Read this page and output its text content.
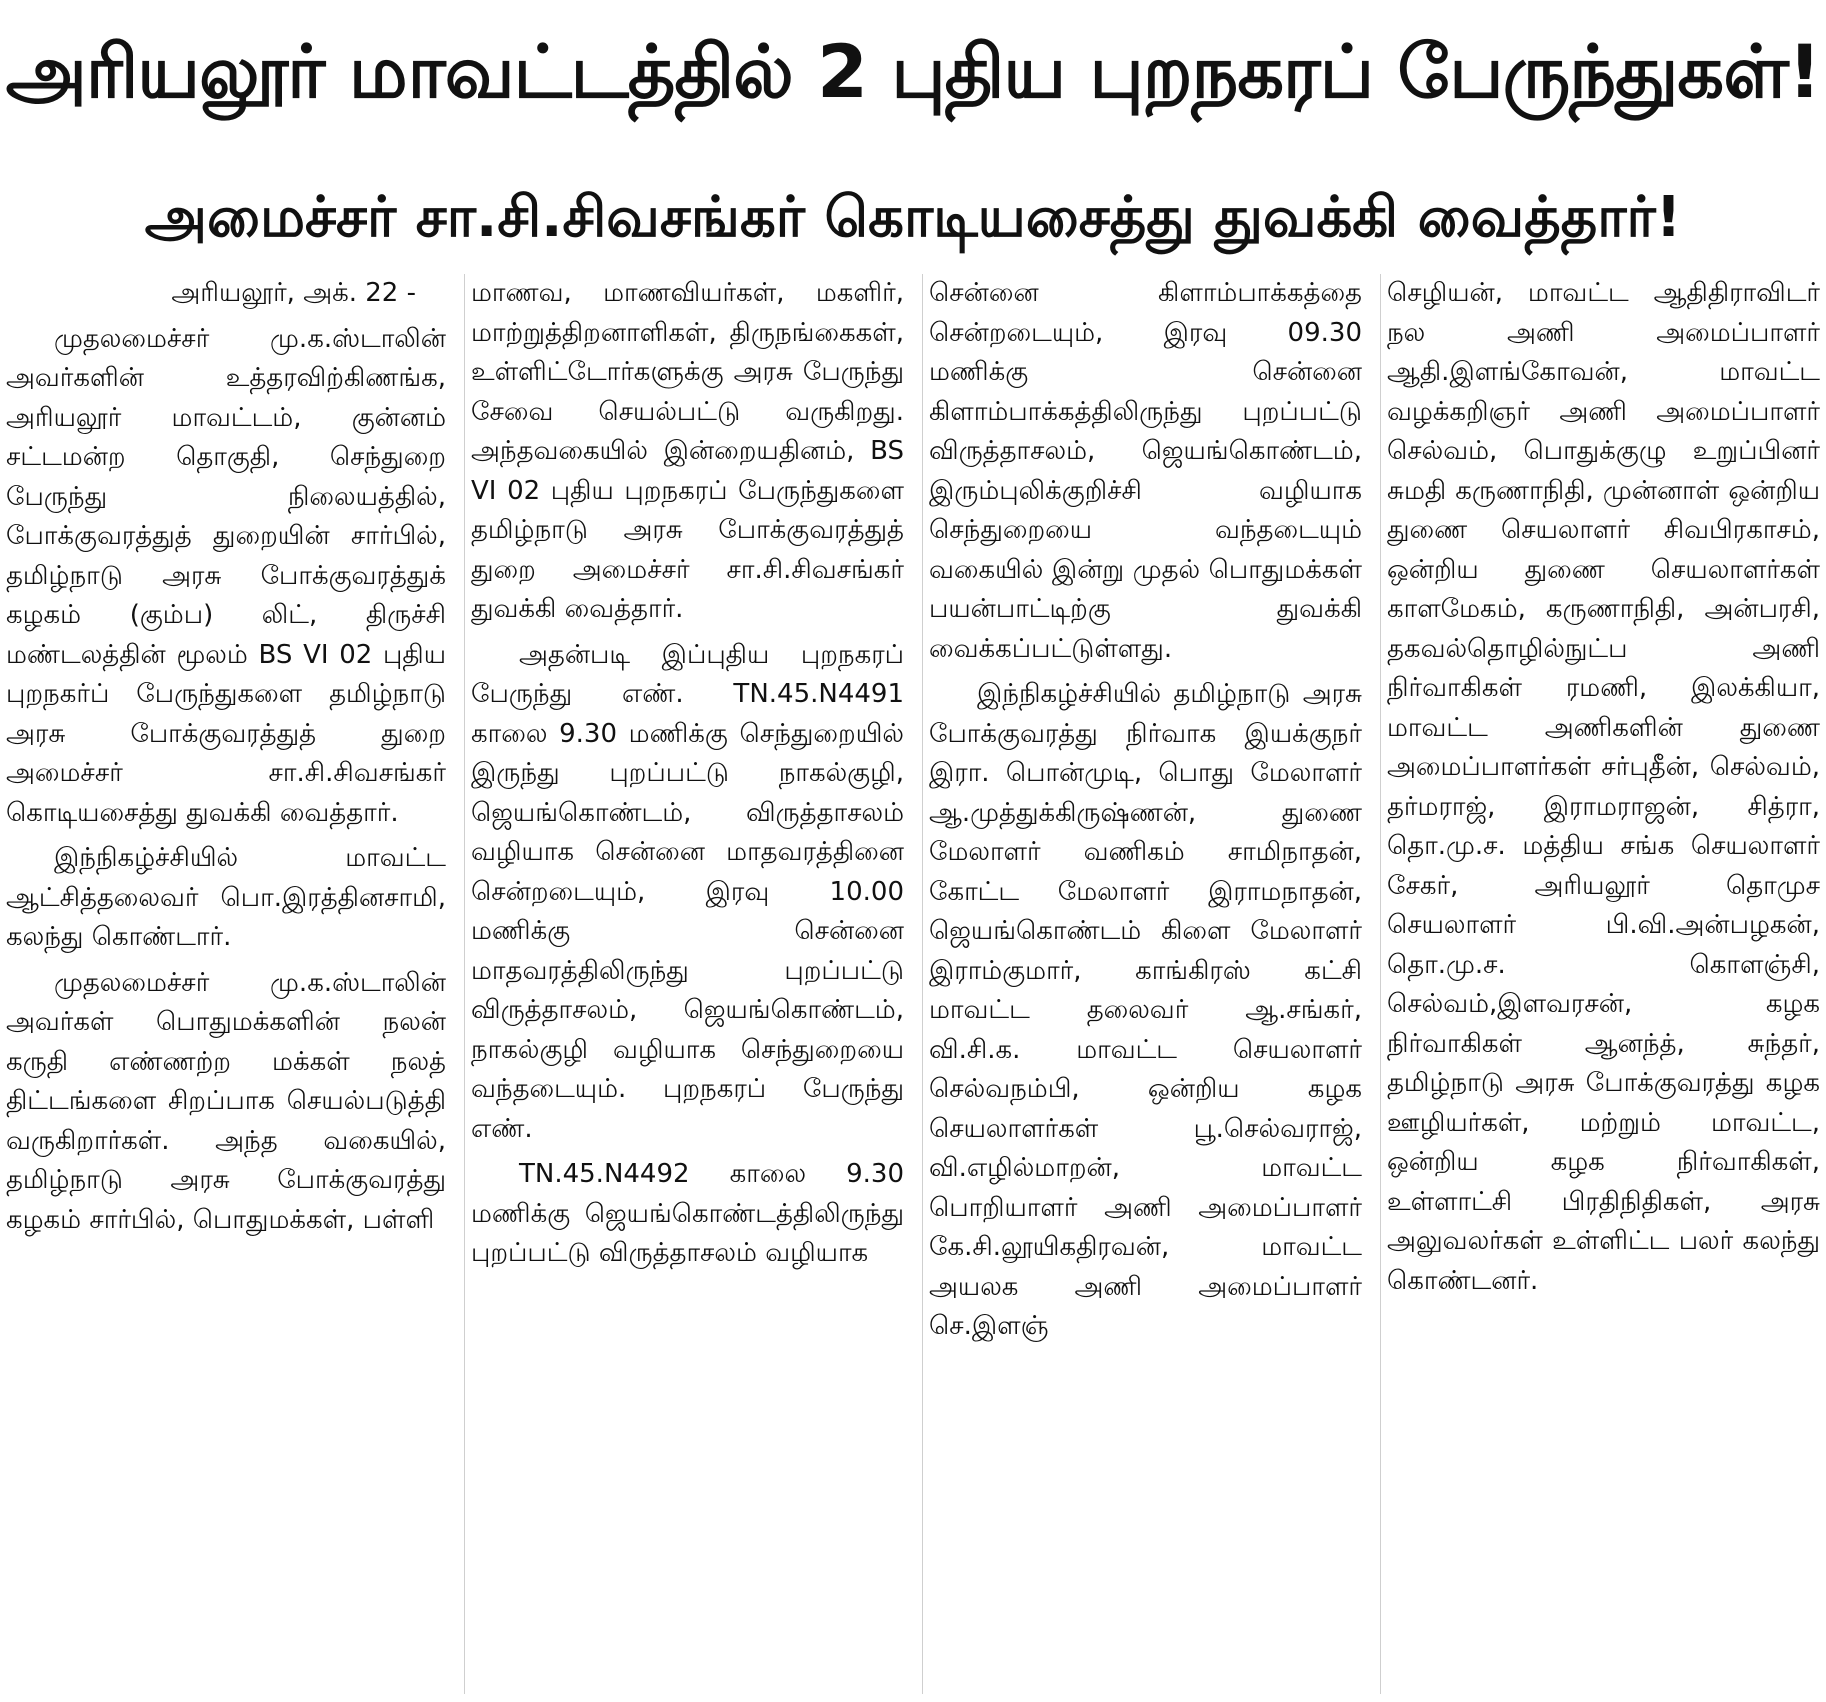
அரியலூர் மாவட்டத்தில் 2 புதிய புறநகரப் பேருந்துகள்!
அமைச்சர் சா.சி.சிவசங்கர் கொடியசைத்து துவக்கி வைத்தார்!

அரியலூர், அக். 22 -

முதலமைச்சர் மு.க.ஸ்டாலின் அவர்களின் உத்தரவிற்கிணங்க, அரியலூர் மாவட்டம், குன்னம் சட்டமன்ற தொகுதி, செந்துறை பேருந்து நிலையத்தில், போக்குவரத்துத் துறையின் சார்பில், தமிழ்நாடு அரசு போக்குவரத்துக் கழகம் (கும்ப) லிட், திருச்சி மண்டலத்தின் மூலம் BS VI 02 புதிய புறநகர்ப் பேருந்துகளை தமிழ்நாடு அரசு போக்குவரத்துத் துறை அமைச்சர் சா.சி.சிவசங்கர் கொடியசைத்து துவக்கி வைத்தார்.

இந்நிகழ்ச்சியில் மாவட்ட ஆட்சித்தலைவர் பொ.இரத்தினசாமி, கலந்து கொண்டார்.

முதலமைச்சர் மு.க.ஸ்டாலின் அவர்கள் பொதுமக்களின் நலன் கருதி எண்ணற்ற மக்கள் நலத் திட்டங்களை சிறப்பாக செயல்படுத்தி வருகிறார்கள். அந்த வகையில், தமிழ்நாடு அரசு போக்குவரத்து கழகம் சார்பில், பொதுமக்கள், பள்ளி

மாணவ, மாணவியர்கள், மகளிர், மாற்றுத்திறனாளிகள், திருநங்கைகள், உள்ளிட்டோர்களுக்கு அரசு பேருந்து சேவை செயல்பட்டு வருகிறது. அந்தவகையில் இன்றையதினம், BS VI 02 புதிய புறநகரப் பேருந்துகளை தமிழ்நாடு அரசு போக்குவரத்துத் துறை அமைச்சர் சா.சி.சிவசங்கர் துவக்கி வைத்தார்.

அதன்படி இப்புதிய புறநகரப் பேருந்து எண். TN.45.N4491 காலை 9.30 மணிக்கு செந்துறையில் இருந்து புறப்பட்டு நாகல்குழி, ஜெயங்கொண்டம், விருத்தாசலம் வழியாக சென்னை மாதவரத்தினை சென்றடையும், இரவு 10.00 மணிக்கு சென்னை மாதவரத்திலிருந்து புறப்பட்டு விருத்தாசலம், ஜெயங்கொண்டம், நாகல்குழி வழியாக செந்துறையை வந்தடையும். புறநகரப் பேருந்து எண்.

TN.45.N4492 காலை 9.30 மணிக்கு ஜெயங்கொண்டத்திலிருந்து புறப்பட்டு விருத்தாசலம் வழியாக

சென்னை கிளாம்பாக்கத்தை சென்றடையும், இரவு 09.30 மணிக்கு சென்னை கிளாம்பாக்கத்திலிருந்து புறப்பட்டு விருத்தாசலம், ஜெயங்கொண்டம், இரும்புலிக்குறிச்சி வழியாக செந்துறையை வந்தடையும் வகையில் இன்று முதல் பொதுமக்கள் பயன்பாட்டிற்கு துவக்கி வைக்கப்பட்டுள்ளது.

இந்நிகழ்ச்சியில் தமிழ்நாடு அரசு போக்குவரத்து நிர்வாக இயக்குநர் இரா. பொன்முடி, பொது மேலாளர் ஆ.முத்துக்கிருஷ்ணன், துணை மேலாளர் வணிகம் சாமிநாதன், கோட்ட மேலாளர் இராமநாதன், ஜெயங்கொண்டம் கிளை மேலாளர் இராம்குமார், காங்கிரஸ் கட்சி மாவட்ட தலைவர் ஆ.சங்கர், வி.சி.க. மாவட்ட செயலாளர் செல்வநம்பி, ஒன்றிய கழக செயலாளர்கள் பூ.செல்வராஜ், வி.எழில்மாறன், மாவட்ட பொறியாளர் அணி அமைப்பாளர் கே.சி.லூயிகதிரவன், மாவட்ட அயலக அணி அமைப்பாளர் செ.இளஞ்

செழியன், மாவட்ட ஆதிதிராவிடர் நல அணி அமைப்பாளர் ஆதி.இளங்கோவன், மாவட்ட வழக்கறிஞர் அணி அமைப்பாளர் செல்வம், பொதுக்குழு உறுப்பினர் சுமதி கருணாநிதி, முன்னாள் ஒன்றிய துணை செயலாளர் சிவபிரகாசம், ஒன்றிய துணை செயலாளர்கள் காளமேகம், கருணாநிதி, அன்பரசி, தகவல்தொழில்நுட்ப அணி நிர்வாகிகள் ரமணி, இலக்கியா, மாவட்ட அணிகளின் துணை அமைப்பாளர்கள் சர்புதீன், செல்வம், தர்மராஜ், இராமராஜன், சித்ரா, தொ.மு.ச. மத்திய சங்க செயலாளர் சேகர், அரியலூர் தொமுச செயலாளர் பி.வி.அன்பழகன், தொ.மு.ச. கொளஞ்சி, செல்வம்,இளவரசன், கழக நிர்வாகிகள் ஆனந்த், சுந்தர், தமிழ்நாடு அரசு போக்குவரத்து கழக ஊழியர்கள், மற்றும் மாவட்ட, ஒன்றிய கழக நிர்வாகிகள், உள்ளாட்சி பிரதிநிதிகள், அரசு அலுவலர்கள் உள்ளிட்ட பலர் கலந்து கொண்டனர்.
